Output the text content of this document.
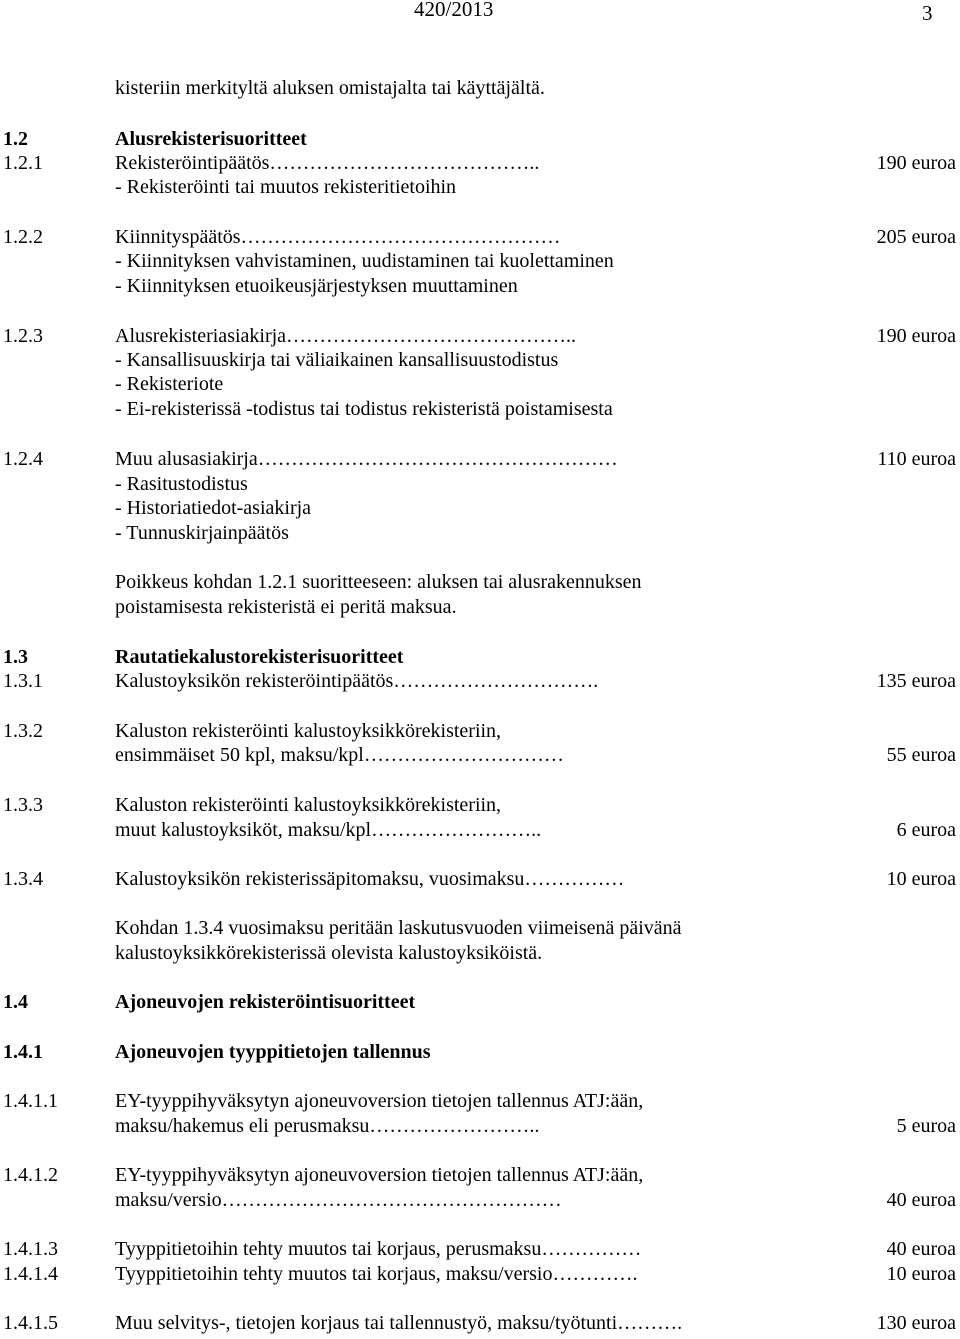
420/2013	3
kisteriin merkityltä aluksen omistajalta tai käyttäjältä.
1.2	Alusrekisterisuoritteet
1.2.1	Rekisteröintipäätös…………………………………..	190 euroa
- Rekisteröinti tai muutos rekisteritietoihin
1.2.2	Kiinnityspäätös…………………………………………	205 euroa
- Kiinnityksen vahvistaminen, uudistaminen tai kuolettaminen
- Kiinnityksen etuoikeusjärjestyksen muuttaminen
1.2.3	Alusrekisteriasiakirja……………………………………..	190 euroa
- Kansallisuuskirja tai väliaikainen kansallisuustodistus
- Rekisteriote
- Ei-rekisterissä -todistus tai todistus rekisteristä poistamisesta
1.2.4	Muu alusasiakirja………………………………………………	110 euroa
- Rasitustodistus
- Historiatiedot-asiakirja
- Tunnuskirjainpäätös
Poikkeus kohdan 1.2.1 suoritteeseen: aluksen tai alusrakennuksen
poistamisesta rekisteristä ei peritä maksua.
1.3	Rautatiekalustorekisterisuoritteet
1.3.1	Kalustoyksikön rekisteröintipäätös………………………….	135 euroa
1.3.2	Kaluston rekisteröinti kalustoyksikkörekisteriin,
ensimmäiset 50 kpl, maksu/kpl…………………………	55 euroa
1.3.3	Kaluston rekisteröinti kalustoyksikkörekisteriin,
muut kalustoyksiköt, maksu/kpl……………………..	6 euroa
1.3.4	Kalustoyksikön rekisterissäpitomaksu, vuosimaksu……………	10 euroa
Kohdan 1.3.4 vuosimaksu peritään laskutusvuoden viimeisenä päivänä
kalustoyksikkörekisterissä olevista kalustoyksiköistä.
1.4	Ajoneuvojen rekisteröintisuoritteet
1.4.1	Ajoneuvojen tyyppitietojen tallennus
1.4.1.1	EY-tyyppihyväksytyn ajoneuvoversion tietojen tallennus ATJ:ään,
maksu/hakemus eli perusmaksu……………………..	5 euroa
1.4.1.2	EY-tyyppihyväksytyn ajoneuvoversion tietojen tallennus ATJ:ään,
maksu/versio……………………………………………	40 euroa
1.4.1.3	Tyyppitietoihin tehty muutos tai korjaus, perusmaksu……………	40 euroa
1.4.1.4	Tyyppitietoihin tehty muutos tai korjaus, maksu/versio………….	10 euroa
1.4.1.5	Muu selvitys-, tietojen korjaus tai tallennustyö, maksu/työtunti……….	130 euroa
